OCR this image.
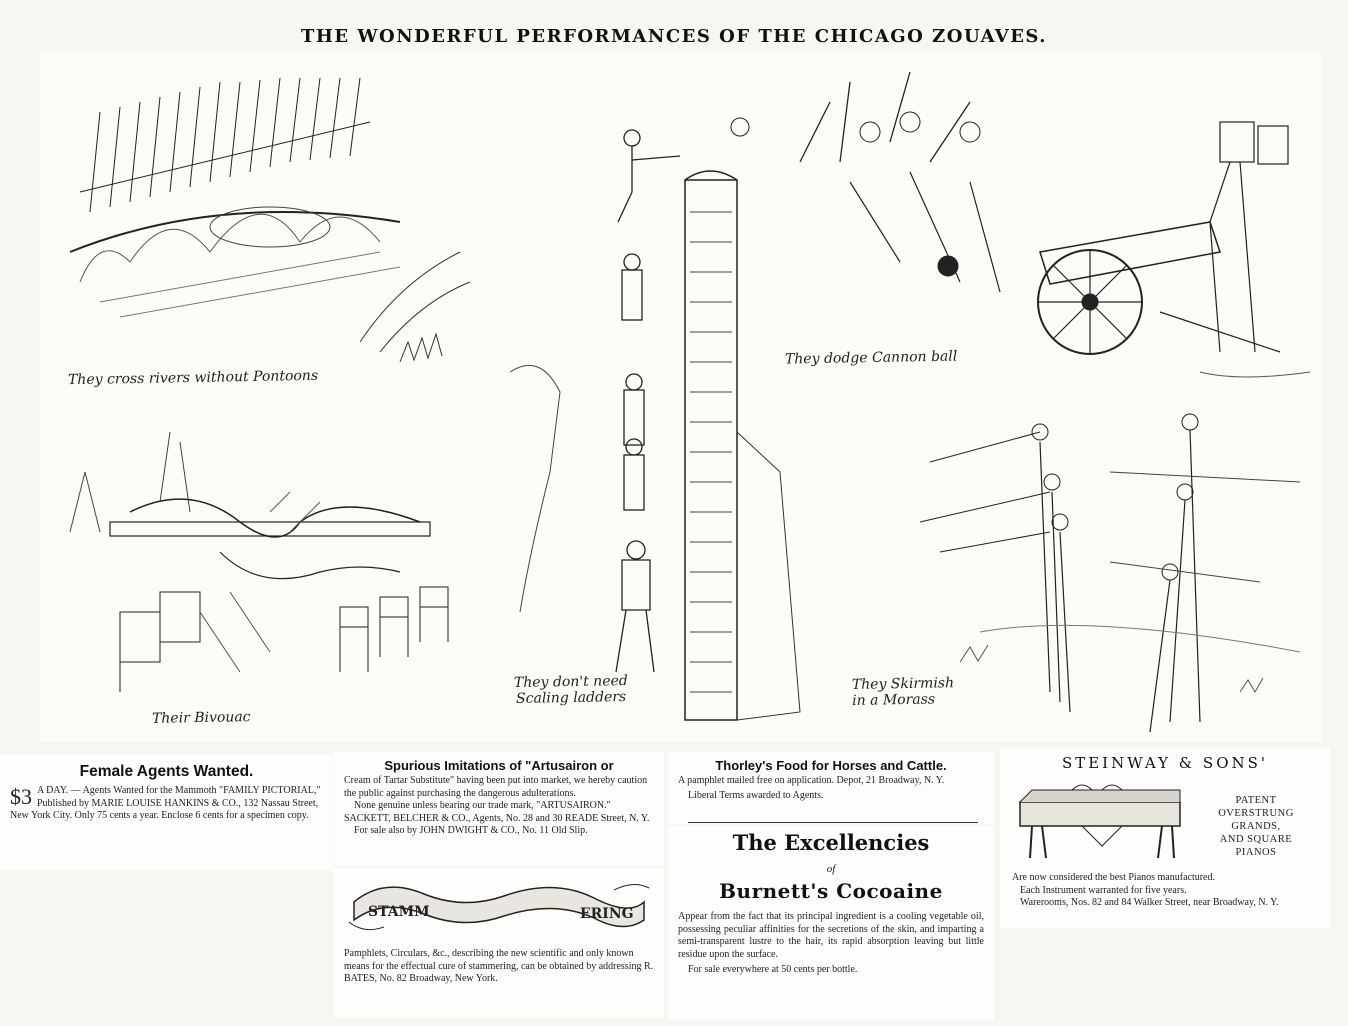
THE WONDERFUL PERFORMANCES OF THE CHICAGO ZOUAVES.
They cross rivers without Pontoons
Their Bivouac
They don't need Scaling ladders
They dodge Cannon ball
They Skirmish in a Morass
Female Agents Wanted.
$3 A DAY. — Agents Wanted for the Mammoth "FAMILY PICTORIAL," Published by MARIE LOUISE HANKINS & CO., 132 Nassau Street, New York City. Only 75 cents a year. Enclose 6 cents for a specimen copy.
Spurious Imitations of "Artusairon or
Cream of Tartar Substitute" having been put into market, we hereby caution the public against purchasing the dangerous adulterations.
None genuine unless bearing our trade mark, "ARTUSAIRON." SACKETT, BELCHER & CO., Agents, No. 28 and 30 READE Street, N. Y.
For sale also by JOHN DWIGHT & CO., No. 11 Old Slip.
STAMM	ERING
Pamphlets, Circulars, &c., describing the new scientific and only known means for the effectual cure of stammering, can be obtained by addressing R. BATES, No. 82 Broadway, New York.
Thorley's Food for Horses and Cattle.
A pamphlet mailed free on application. Depot, 21 Broadway, N. Y.
Liberal Terms awarded to Agents.
The Excellencies
of
Burnett's Cocoaine
Appear from the fact that its principal ingredient is a cooling vegetable oil, possessing peculiar affinities for the secretions of the skin, and imparting a semi-transparent lustre to the hair, its rapid absorption leaving but little residue upon the surface.
For sale everywhere at 50 cents per bottle.
STEINWAY & SONS'
PATENT
OVERSTRUNG
GRANDS,
AND SQUARE
PIANOS
Are now considered the best Pianos manufactured.
Each Instrument warranted for five years.
Warerooms, Nos. 82 and 84 Walker Street, near Broadway, N. Y.
